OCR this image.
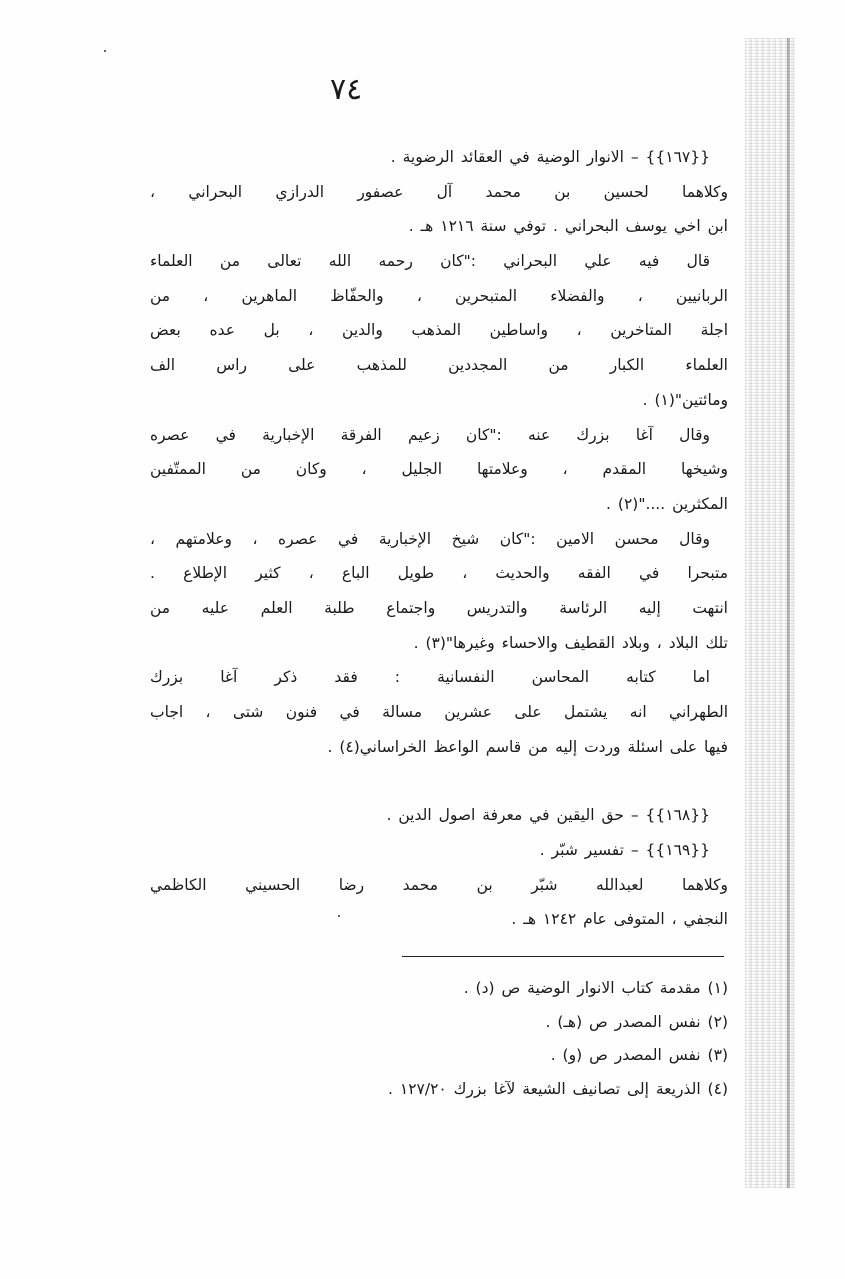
٧٤
{{١٦٧}} – الانوار الوضية في العقائد الرضوية .
وكلاهما لحسين بن محمد آل عصفور الدرازي البحراني ،
ابن اخي يوسف البحراني . توفي سنة ١٢١٦ هـ .
قال فيه علي البحراني :"كان رحمه الله تعالى من العلماء
الربانيين ، والفضلاء المتبحرين ، والحفّاظ الماهرين ، من
اجلة المتاخرين ، واساطين المذهب والدين ، بل عده بعض
العلماء الكبار من المجددين للمذهب على راس الف
ومائتين"(١) .
وقال آغا بزرك عنه :"كان زعيم الفرقة الإخبارية في عصره
وشيخها المقدم ، وعلامتها الجليل ، وكان من الممتّفين
المكثرين ...."(٢) .
وقال محسن الامين :"كان شيخ الإخبارية في عصره ، وعلامتهم ،
متبحرا في الفقه والحديث ، طويل الباع ، كثير الإطلاع .
انتهت إليه الرئاسة والتدريس واجتماع طلبة العلم عليه من
تلك البلاد ، وبلاد القطيف والاحساء وغيرها"(٣) .
اما كتابه المحاسن النفسانية : فقد ذكر آغا بزرك
الطهراني انه يشتمل على عشرين مسالة في فنون شتى ، اجاب
فيها على اسئلة وردت إليه من قاسم الواعظ الخراساني(٤) .
{{١٦٨}} – حق اليقين في معرفة اصول الدين .
{{١٦٩}} – تفسير شبّر .
وكلاهما لعبدالله شبّر بن محمد رضا الحسيني الكاظمي
النجفي ، المتوفى عام ١٢٤٢ هـ .
(١) مقدمة كتاب الانوار الوضية ص (د) .
(٢) نفس المصدر ص (هـ) .
(٣) نفس المصدر ص (و) .
(٤) الذريعة إلى تصانيف الشيعة لآغا بزرك ١٢٧/٢٠ .
